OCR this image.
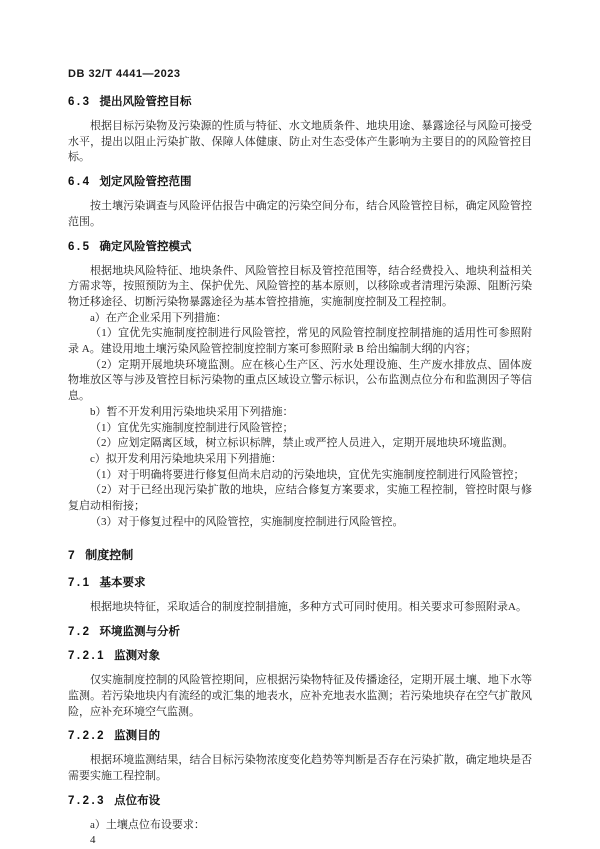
DB 32/T 4441—2023
6.3 提出风险管控目标

根据目标污染物及污染源的性质与特征、水文地质条件、地块用途、暴露途径与风险可接受水平，提出以阻止污染扩散、保障人体健康、防止对生态受体产生影响为主要目的的风险管控目标。

6.4 划定风险管控范围

按土壤污染调查与风险评估报告中确定的污染空间分布，结合风险管控目标，确定风险管控范围。

6.5 确定风险管控模式

根据地块风险特征、地块条件、风险管控目标及管控范围等，结合经费投入、地块利益相关方需求等，按照预防为主、保护优先、风险管控的基本原则，以移除或者清理污染源、阻断污染物迁移途径、切断污染物暴露途径为基本管控措施，实施制度控制及工程控制。

a）在产企业采用下列措施：

（1）宜优先实施制度控制进行风险管控，常见的风险管控制度控制措施的适用性可参照附录 A。建设用地土壤污染风险管控制度控制方案可参照附录 B 给出编制大纲的内容；

（2）定期开展地块环境监测。应在核心生产区、污水处理设施、生产废水排放点、固体废物堆放区等与涉及管控目标污染物的重点区域设立警示标识，公布监测点位分布和监测因子等信息。

b）暂不开发利用污染地块采用下列措施：

（1）宜优先实施制度控制进行风险管控；

（2）应划定隔离区域，树立标识标牌，禁止或严控人员进入，定期开展地块环境监测。

c）拟开发利用污染地块采用下列措施：

（1）对于明确将要进行修复但尚未启动的污染地块，宜优先实施制度控制进行风险管控；

（2）对于已经出现污染扩散的地块，应结合修复方案要求，实施工程控制，管控时限与修复启动相衔接；

（3）对于修复过程中的风险管控，实施制度控制进行风险管控。

7 制度控制
7.1 基本要求

根据地块特征，采取适合的制度控制措施，多种方式可同时使用。相关要求可参照附录A。

7.2 环境监测与分析
7.2.1 监测对象

仅实施制度控制的风险管控期间，应根据污染物特征及传播途径，定期开展土壤、地下水等监测。若污染地块内有流经的或汇集的地表水，应补充地表水监测；若污染地块存在空气扩散风险，应补充环境空气监测。

7.2.2 监测目的

根据环境监测结果，结合目标污染物浓度变化趋势等判断是否存在污染扩散，确定地块是否需要实施工程控制。

7.2.3 点位布设

a）土壤点位布设要求：

4
